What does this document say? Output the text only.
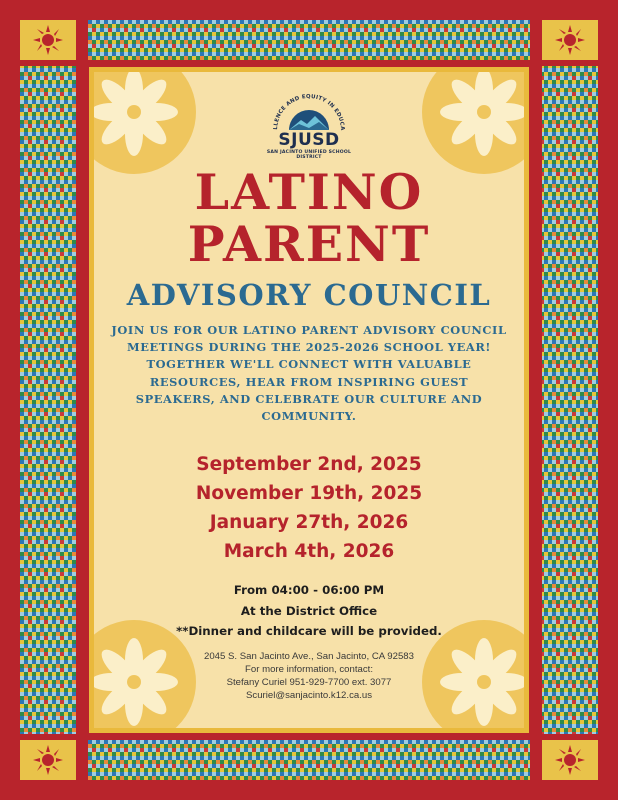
LLENCE AND EQUITY IN EDUCA
SJUSD
SAN JACINTO UNIFIED SCHOOL DISTRICT
LATINO
PARENT
ADVISORY COUNCIL
JOIN US FOR OUR LATINO PARENT ADVISORY COUNCIL MEETINGS DURING THE 2025-2026 SCHOOL YEAR! TOGETHER WE'LL CONNECT WITH VALUABLE RESOURCES, HEAR FROM INSPIRING GUEST SPEAKERS, AND CELEBRATE OUR CULTURE AND COMMUNITY.
September 2nd, 2025
November 19th, 2025
January 27th, 2026
March 4th, 2026
From 04:00 - 06:00 PM
At the District Office
**Dinner and childcare will be provided.
2045 S. San Jacinto Ave., San Jacinto, CA 92583
For more information, contact:
Stefany Curiel 951-929-7700 ext. 3077
Scuriel@sanjacinto.k12.ca.us
